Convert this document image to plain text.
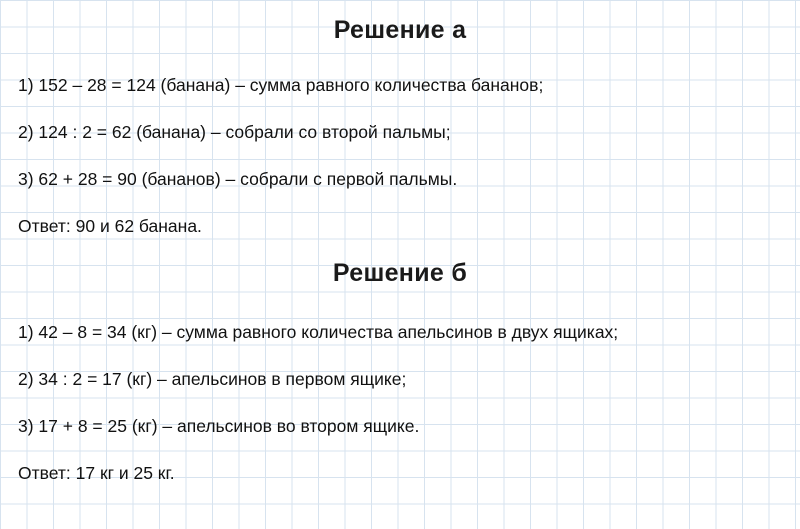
Решение а
1) 152 – 28 = 124 (банана) – сумма равного количества бананов;
2) 124 : 2 = 62 (банана) – собрали со второй пальмы;
3) 62 + 28 = 90 (бананов) – собрали с первой пальмы.
Ответ: 90 и 62 банана.
Решение б
1) 42 – 8 = 34 (кг) – сумма равного количества апельсинов в двух ящиках;
2) 34 : 2 = 17 (кг) – апельсинов в первом ящике;
3) 17 + 8 = 25 (кг) – апельсинов во втором ящике.
Ответ: 17 кг и 25 кг.
